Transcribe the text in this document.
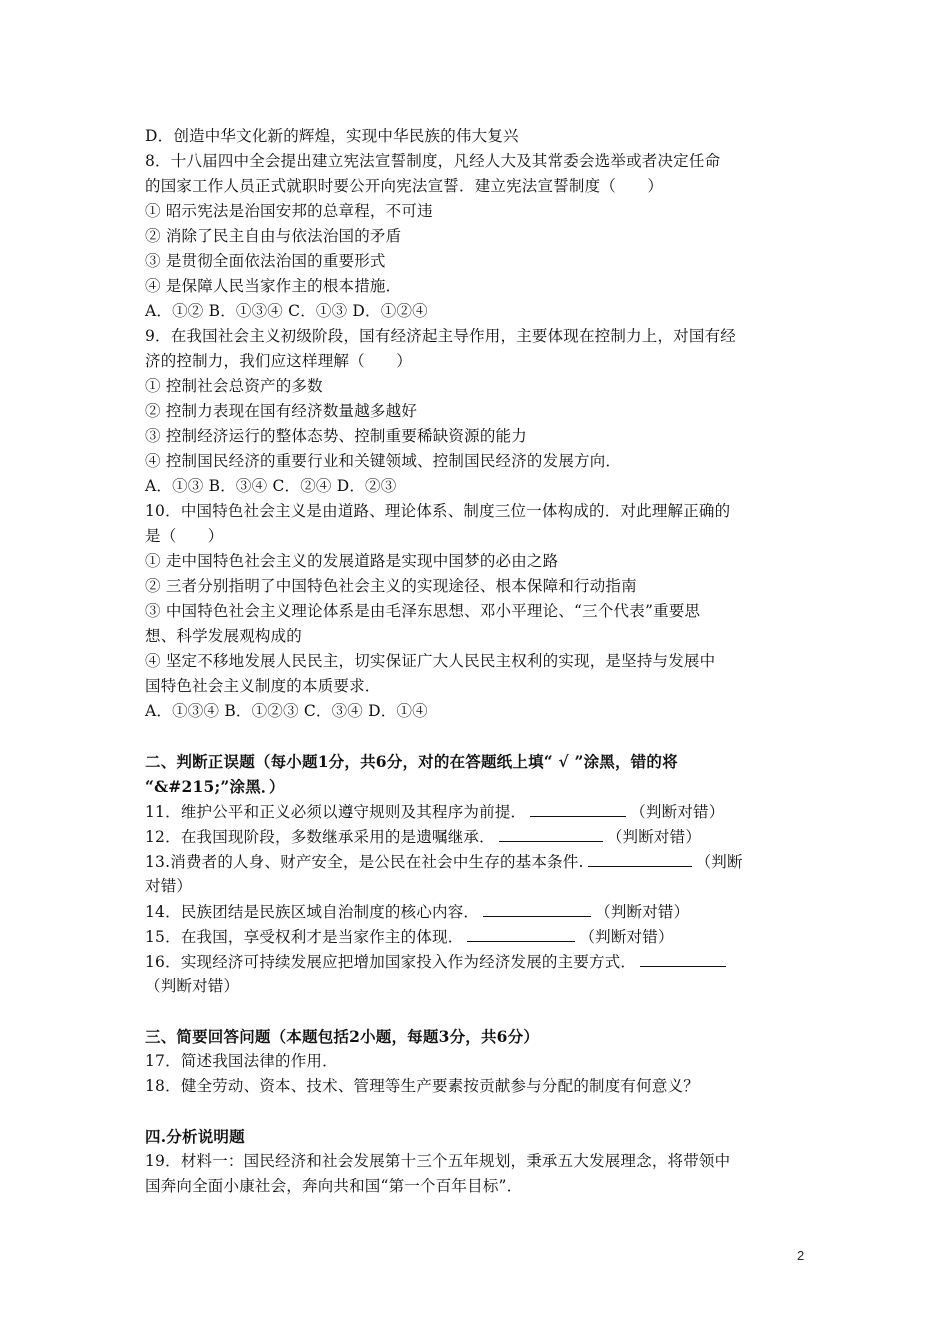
D．创造中华文化新的辉煌，实现中华民族的伟大复兴
8．十八届四中全会提出建立宪法宣誓制度，凡经人大及其常委会选举或者决定任命
的国家工作人员正式就职时要公开向宪法宣誓．建立宪法宣誓制度（　　）
① 昭示宪法是治国安邦的总章程，不可违
② 消除了民主自由与依法治国的矛盾
③ 是贯彻全面依法治国的重要形式
④ 是保障人民当家作主的根本措施．
A．①② B．①③④ C．①③ D．①②④
9．在我国社会主义初级阶段，国有经济起主导作用，主要体现在控制力上，对国有经
济的控制力，我们应这样理解（　　）
① 控制社会总资产的多数
② 控制力表现在国有经济数量越多越好
③ 控制经济运行的整体态势、控制重要稀缺资源的能力
④ 控制国民经济的重要行业和关键领域、控制国民经济的发展方向．
A．①③ B．③④ C．②④ D．②③
10．中国特色社会主义是由道路、理论体系、制度三位一体构成的．对此理解正确的
是（　　）
① 走中国特色社会主义的发展道路是实现中国梦的必由之路
② 三者分别指明了中国特色社会主义的实现途径、根本保障和行动指南
③ 中国特色社会主义理论体系是由毛泽东思想、邓小平理论、“三个代表”重要思
想、科学发展观构成的
④ 坚定不移地发展人民民主，切实保证广大人民民主权利的实现，是坚持与发展中
国特色社会主义制度的本质要求．
A．①③④ B．①②③ C．③④ D．①④
二、判断正误题（每小题1分，共6分，对的在答题纸上填“ √ ”涂黑，错的将
“&#215;”涂黑．）
11．维护公平和正义必须以遵守规则及其程序为前提．	（判断对错）
12．在我国现阶段，多数继承采用的是遗嘱继承．	（判断对错）
13.消费者的人身、财产安全，是公民在社会中生存的基本条件.	（判断
对错）
14．民族团结是民族区域自治制度的核心内容．	（判断对错）
15．在我国，享受权利才是当家作主的体现．	（判断对错）
16．实现经济可持续发展应把增加国家投入作为经济发展的主要方式．
（判断对错）
三、简要回答问题（本题包括2小题，每题3分，共6分）
17．简述我国法律的作用．
18．健全劳动、资本、技术、管理等生产要素按贡献参与分配的制度有何意义？
四.分析说明题
19．材料一：国民经济和社会发展第十三个五年规划，秉承五大发展理念，将带领中
国奔向全面小康社会，奔向共和国“第一个百年目标”．
2
